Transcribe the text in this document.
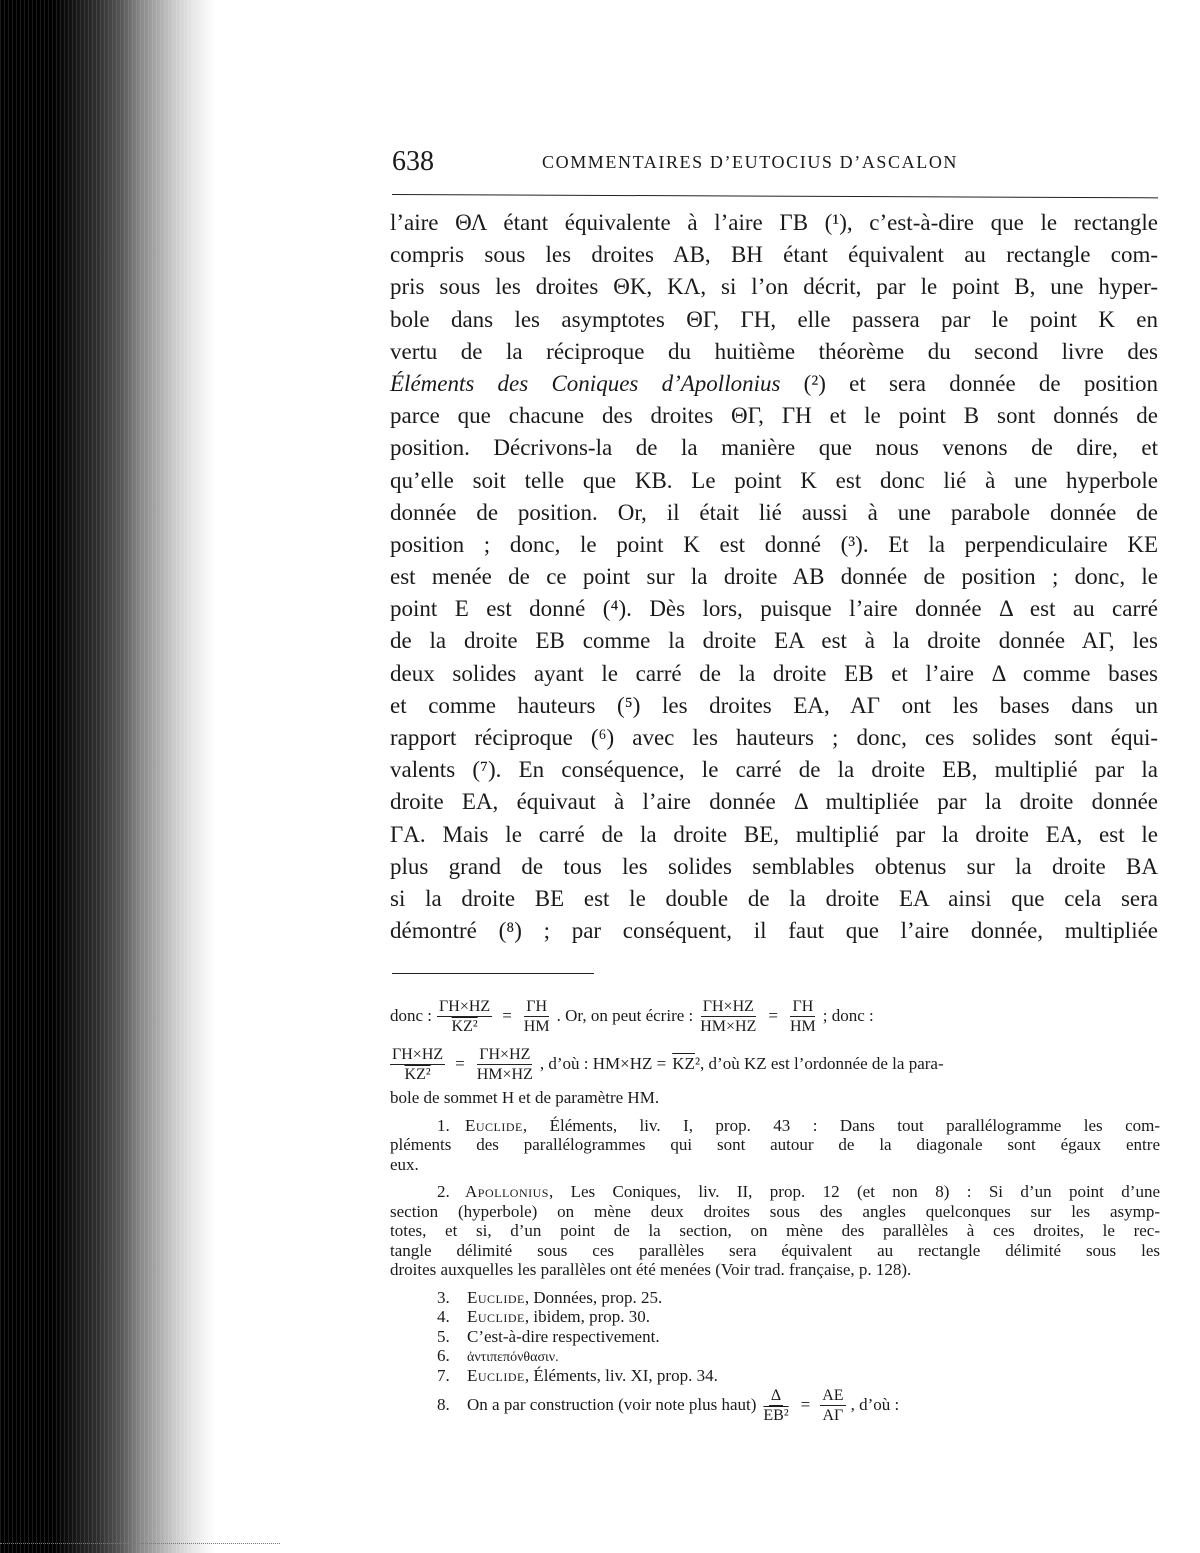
638	COMMENTAIRES D’EUTOCIUS D’ASCALON
l’aire ΘΛ étant équivalente à l’aire ΓΒ (¹), c’est-à-dire que le rectangle
compris sous les droites AB, BH étant équivalent au rectangle com-
pris sous les droites ΘK, KΛ, si l’on décrit, par le point B, une hyper-
bole dans les asymptotes ΘΓ, ΓH, elle passera par le point K en
vertu de la réciproque du huitième théorème du second livre des
Éléments des Coniques d’Apollonius (²) et sera donnée de position
parce que chacune des droites ΘΓ, ΓH et le point B sont donnés de
position. Décrivons-la de la manière que nous venons de dire, et
qu’elle soit telle que KB. Le point K est donc lié à une hyperbole
donnée de position. Or, il était lié aussi à une parabole donnée de
position ; donc, le point K est donné (³). Et la perpendiculaire KE
est menée de ce point sur la droite AB donnée de position ; donc, le
point E est donné (⁴). Dès lors, puisque l’aire donnée Δ est au carré
de la droite EB comme la droite EA est à la droite donnée AΓ, les
deux solides ayant le carré de la droite EB et l’aire Δ comme bases
et comme hauteurs (⁵) les droites EA, AΓ ont les bases dans un
rapport réciproque (⁶) avec les hauteurs ; donc, ces solides sont équi-
valents (⁷). En conséquence, le carré de la droite EB, multiplié par la
droite EA, équivaut à l’aire donnée Δ multipliée par la droite donnée
ΓA. Mais le carré de la droite BE, multiplié par la droite EA, est le
plus grand de tous les solides semblables obtenus sur la droite BA
si la droite BE est le double de la droite EA ainsi que cela sera
démontré (⁸) ; par conséquent, il faut que l’aire donnée, multipliée
donc : $\frac{\Gamma H\times HZ}{\text{KZ²}} = \frac{\Gamma H}{HM}$ . Or, on peut écrire : $\frac{\Gamma H\times HZ}{HM\times HZ} = \frac{\Gamma H}{HM}$ ; donc :
$\frac{\Gamma H\times HZ}{\text{KZ²}} = \frac{\Gamma H\times HZ}{HM\times HZ}$ , d’où : $HM\times HZ = \overline{KZ}^2$ , d’où KZ est l’ordonnée de la para-
bole de sommet H et de paramètre HM.
1. Euclide, Éléments, liv. I, prop. 43 : Dans tout parallélogramme les com-
pléments des parallélogrammes qui sont autour de la diagonale sont égaux entre
eux.
2. Apollonius, Les Coniques, liv. II, prop. 12 (et non 8) : Si d’un point d’une
section (hyperbole) on mène deux droites sous des angles quelconques sur les asymp-
totes, et si, d’un point de la section, on mène des parallèles à ces droites, le rec-
tangle délimité sous ces parallèles sera équivalent au rectangle délimité sous les
droites auxquelles les parallèles ont été menées (Voir trad. française, p. 128).
3. Euclide, Données, prop. 25.
4. Euclide, ibidem, prop. 30.
5. C’est-à-dire respectivement.
6. ἀντιπεπόνθασιν.
7. Euclide, Éléments, liv. XI, prop. 34.
8.	On a par construction (voir note plus haut) $\frac{\Delta}{\text{EB²}} = \frac{AE}{A\Gamma}$ , d’où :
